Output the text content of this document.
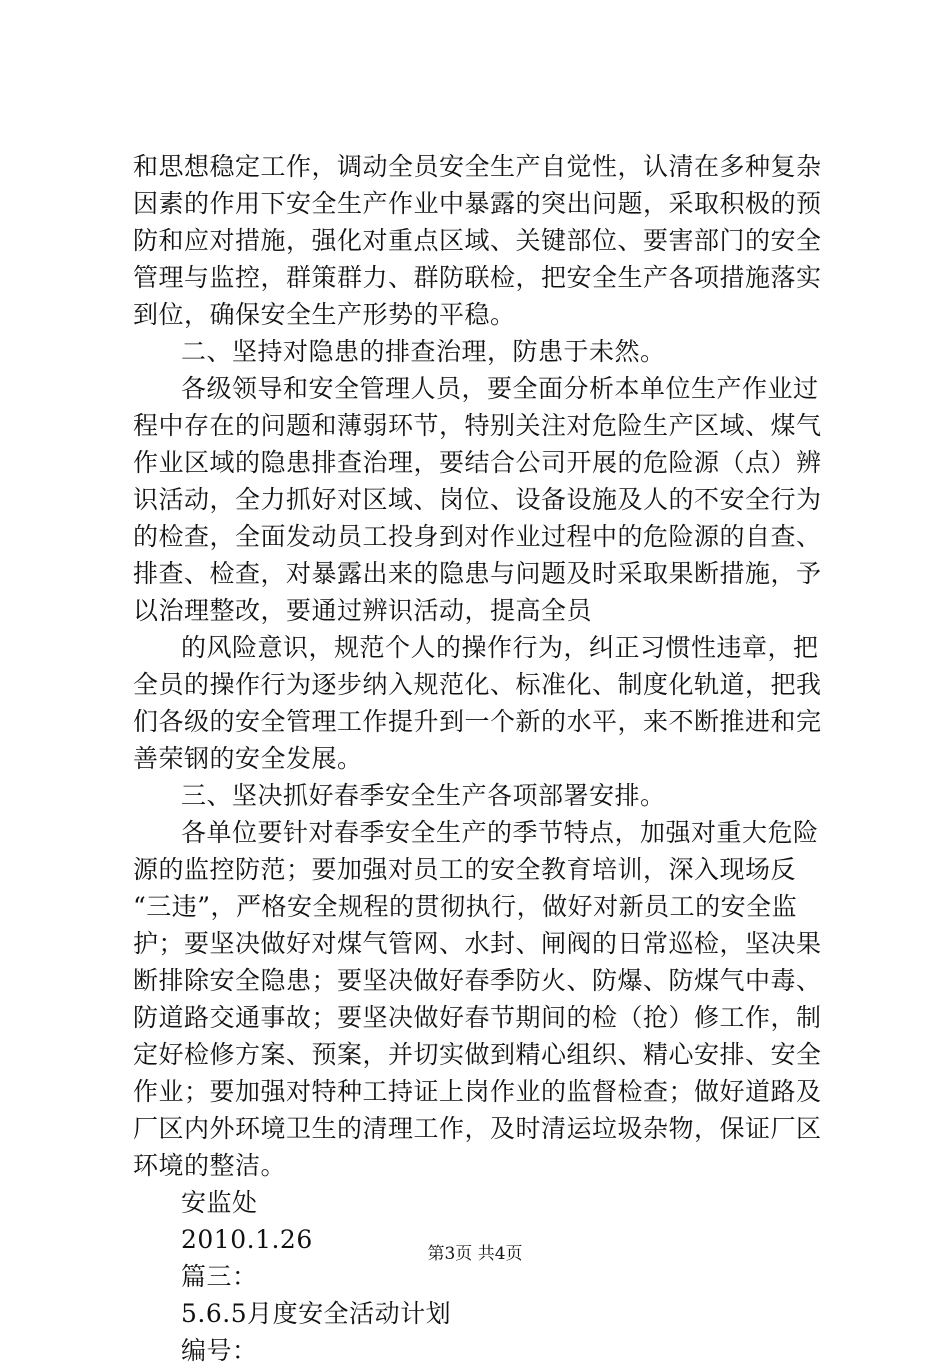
和思想稳定工作，调动全员安全生产自觉性，认清在多种复杂
因素的作用下安全生产作业中暴露的突出问题，采取积极的预
防和应对措施，强化对重点区域、关键部位、要害部门的安全
管理与监控，群策群力、群防联检，把安全生产各项措施落实
到位，确保安全生产形势的平稳。
二、坚持对隐患的排查治理，防患于未然。
各级领导和安全管理人员，要全面分析本单位生产作业过
程中存在的问题和薄弱环节，特别关注对危险生产区域、煤气
作业区域的隐患排查治理，要结合公司开展的危险源（点）辨
识活动，全力抓好对区域、岗位、设备设施及人的不安全行为
的检查，全面发动员工投身到对作业过程中的危险源的自查、
排查、检查，对暴露出来的隐患与问题及时采取果断措施，予
以治理整改，要通过辨识活动，提高全员
的风险意识，规范个人的操作行为，纠正习惯性违章，把
全员的操作行为逐步纳入规范化、标准化、制度化轨道，把我
们各级的安全管理工作提升到一个新的水平，来不断推进和完
善荣钢的安全发展。
三、坚决抓好春季安全生产各项部署安排。
各单位要针对春季安全生产的季节特点，加强对重大危险
源的监控防范；要加强对员工的安全教育培训，深入现场反
“三违”，严格安全规程的贯彻执行，做好对新员工的安全监
护；要坚决做好对煤气管网、水封、闸阀的日常巡检，坚决果
断排除安全隐患；要坚决做好春季防火、防爆、防煤气中毒、
防道路交通事故；要坚决做好春节期间的检（抢）修工作，制
定好检修方案、预案，并切实做到精心组织、精心安排、安全
作业；要加强对特种工持证上岗作业的监督检查；做好道路及
厂区内外环境卫生的清理工作，及时清运垃圾杂物，保证厂区
环境的整洁。
安监处
2010.1.26
篇三：
5.6.5月度安全活动计划
编号：
第3页 共4页
